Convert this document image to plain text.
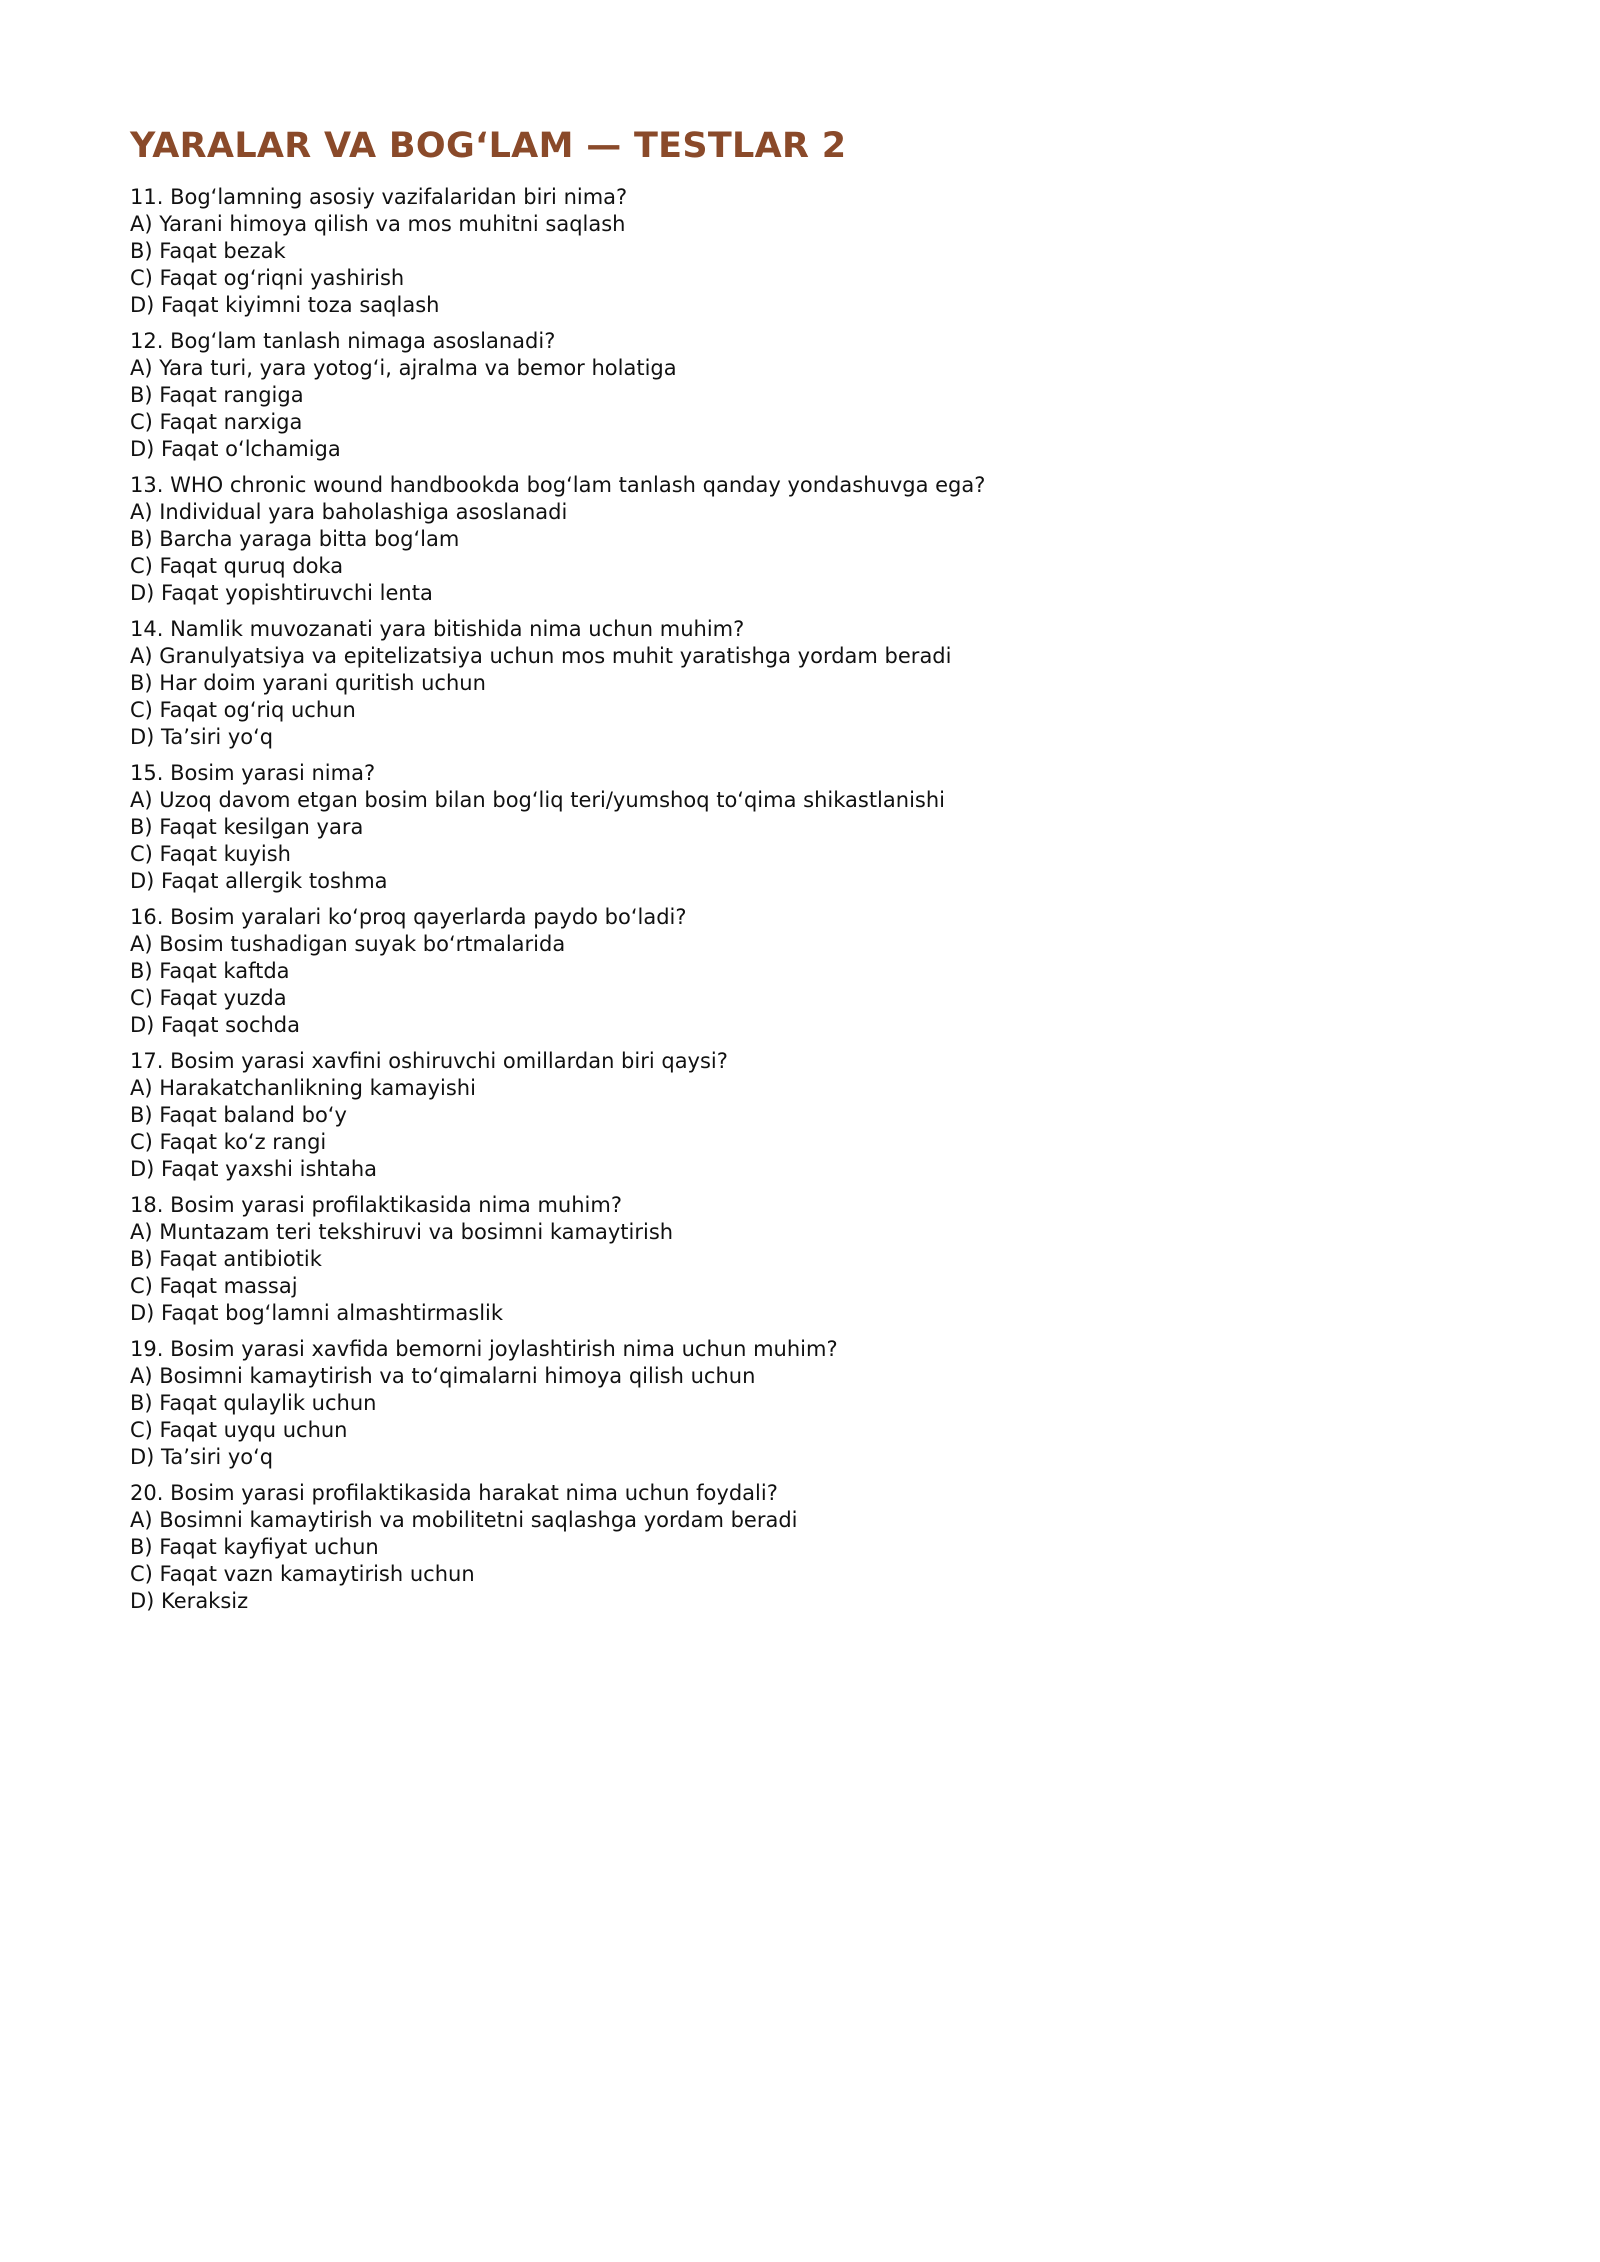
YARALAR VA BOG‘LAM — TESTLAR 2
11. Bog‘lamning asosiy vazifalaridan biri nima?
A) Yarani himoya qilish va mos muhitni saqlash
B) Faqat bezak
C) Faqat og‘riqni yashirish
D) Faqat kiyimni toza saqlash
12. Bog‘lam tanlash nimaga asoslanadi?
A) Yara turi, yara yotog‘i, ajralma va bemor holatiga
B) Faqat rangiga
C) Faqat narxiga
D) Faqat o‘lchamiga
13. WHO chronic wound handbookda bog‘lam tanlash qanday yondashuvga ega?
A) Individual yara baholashiga asoslanadi
B) Barcha yaraga bitta bog‘lam
C) Faqat quruq doka
D) Faqat yopishtiruvchi lenta
14. Namlik muvozanati yara bitishida nima uchun muhim?
A) Granulyatsiya va epitelizatsiya uchun mos muhit yaratishga yordam beradi
B) Har doim yarani quritish uchun
C) Faqat og‘riq uchun
D) Ta’siri yo‘q
15. Bosim yarasi nima?
A) Uzoq davom etgan bosim bilan bog‘liq teri/yumshoq to‘qima shikastlanishi
B) Faqat kesilgan yara
C) Faqat kuyish
D) Faqat allergik toshma
16. Bosim yaralari ko‘proq qayerlarda paydo bo‘ladi?
A) Bosim tushadigan suyak bo‘rtmalarida
B) Faqat kaftda
C) Faqat yuzda
D) Faqat sochda
17. Bosim yarasi xavfini oshiruvchi omillardan biri qaysi?
A) Harakatchanlikning kamayishi
B) Faqat baland bo‘y
C) Faqat ko‘z rangi
D) Faqat yaxshi ishtaha
18. Bosim yarasi profilaktikasida nima muhim?
A) Muntazam teri tekshiruvi va bosimni kamaytirish
B) Faqat antibiotik
C) Faqat massaj
D) Faqat bog‘lamni almashtirmaslik
19. Bosim yarasi xavfida bemorni joylashtirish nima uchun muhim?
A) Bosimni kamaytirish va to‘qimalarni himoya qilish uchun
B) Faqat qulaylik uchun
C) Faqat uyqu uchun
D) Ta’siri yo‘q
20. Bosim yarasi profilaktikasida harakat nima uchun foydali?
A) Bosimni kamaytirish va mobilitetni saqlashga yordam beradi
B) Faqat kayfiyat uchun
C) Faqat vazn kamaytirish uchun
D) Keraksiz
